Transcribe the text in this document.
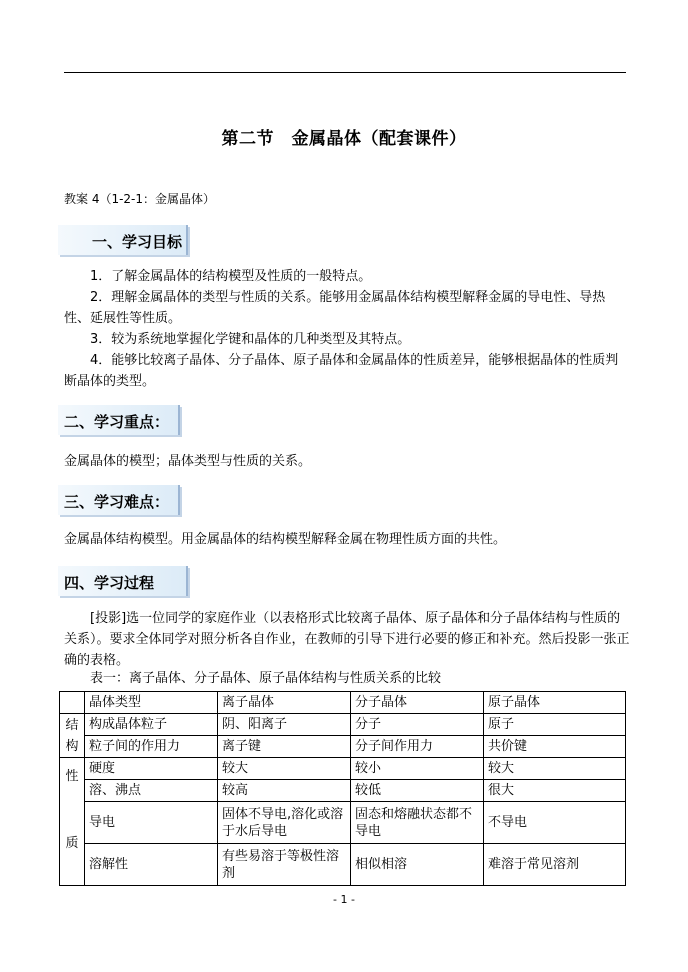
第二节　金属晶体（配套课件）
教案 4（1-2-1：金属晶体）
一、学习目标
1．了解金属晶体的结构模型及性质的一般特点。
2．理解金属晶体的类型与性质的关系。能够用金属晶体结构模型解释金属的导电性、导热性、延展性等性质。
3．较为系统地掌握化学键和晶体的几种类型及其特点。
4．能够比较离子晶体、分子晶体、原子晶体和金属晶体的性质差异，能够根据晶体的性质判断晶体的类型。
二、学习重点：
金属晶体的模型；晶体类型与性质的关系。
三、学习难点：
金属晶体结构模型。用金属晶体的结构模型解释金属在物理性质方面的共性。
四、学习过程
[投影]选一位同学的家庭作业（以表格形式比较离子晶体、原子晶体和分子晶体结构与性质的关系）。要求全体同学对照分析各自作业，在教师的引导下进行必要的修正和补充。然后投影一张正确的表格。
表一：离子晶体、分子晶体、原子晶体结构与性质关系的比较
	晶体类型	离子晶体	分子晶体	原子晶体

结
构	构成晶体粒子	阴、阳离子	分子	原子
	粒子间的作用力	离子键	分子间作用力	共价键

性
质	硬度	较大	较小	较大
	溶、沸点	较高	较低	很大
	导电	固体不导电,溶化或溶于水后导电	固态和熔融状态都不导电	不导电
	溶解性	有些易溶于等极性溶剂	相似相溶	难溶于常见溶剂
- 1 -
